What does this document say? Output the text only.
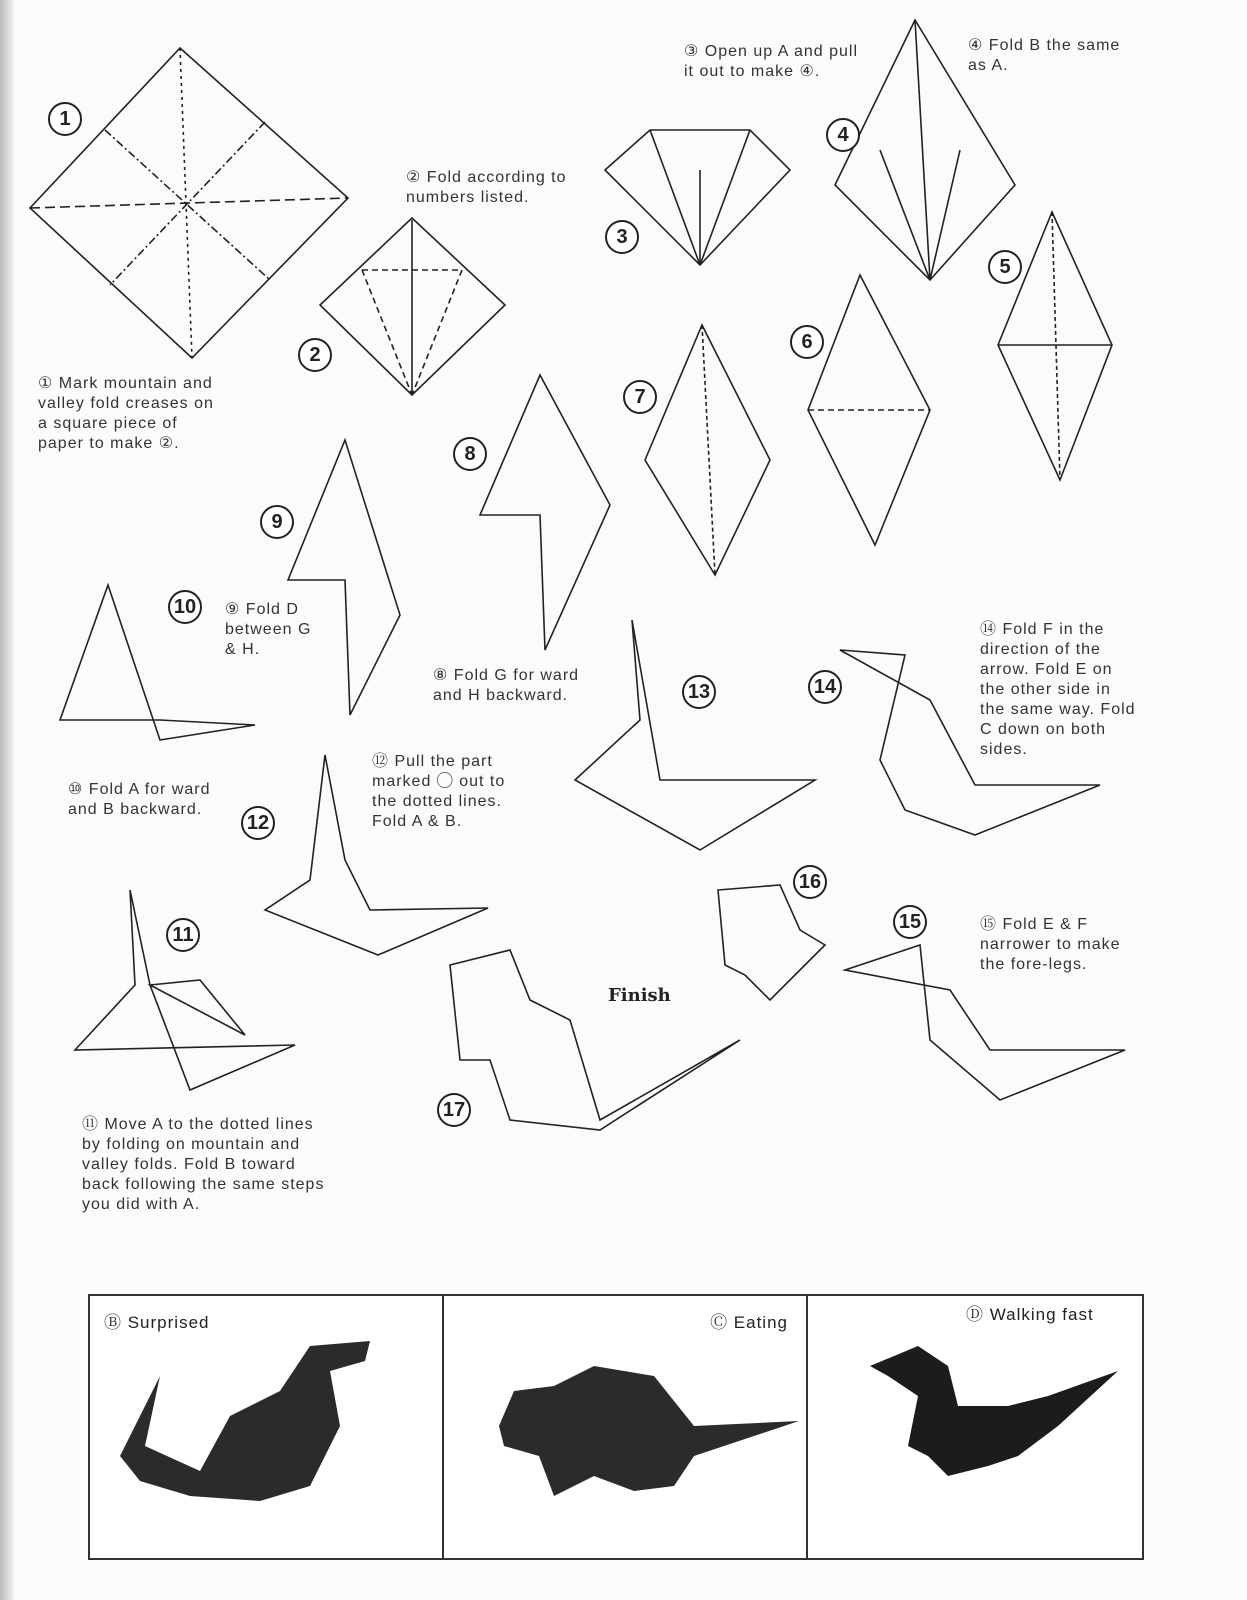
1
2
3
4
5
6
7
8
9
10
11
12
13	14
15
16
17
① Mark mountain and valley fold creases on a square piece of paper to make ②.
② Fold according to numbers listed.
③ Open up A and pull it out to make ④.
④ Fold B the same as A.
⑧ Fold G for ward and H backward.
⑨ Fold D between G & H.
⑩ Fold A for ward and B backward.
⑪ Move A to the dotted lines by folding on mountain and valley folds. Fold B toward back following the same steps you did with A.
⑫ Pull the part marked ◯ out to the dotted lines. Fold A & B.
⑭ Fold F in the direction of the arrow. Fold E on the other side in the same way. Fold C down on both sides.
⑮ Fold E & F narrower to make the fore-legs.
Finish
Ⓑ Surprised	Ⓒ Eating	Ⓓ Walking fast
